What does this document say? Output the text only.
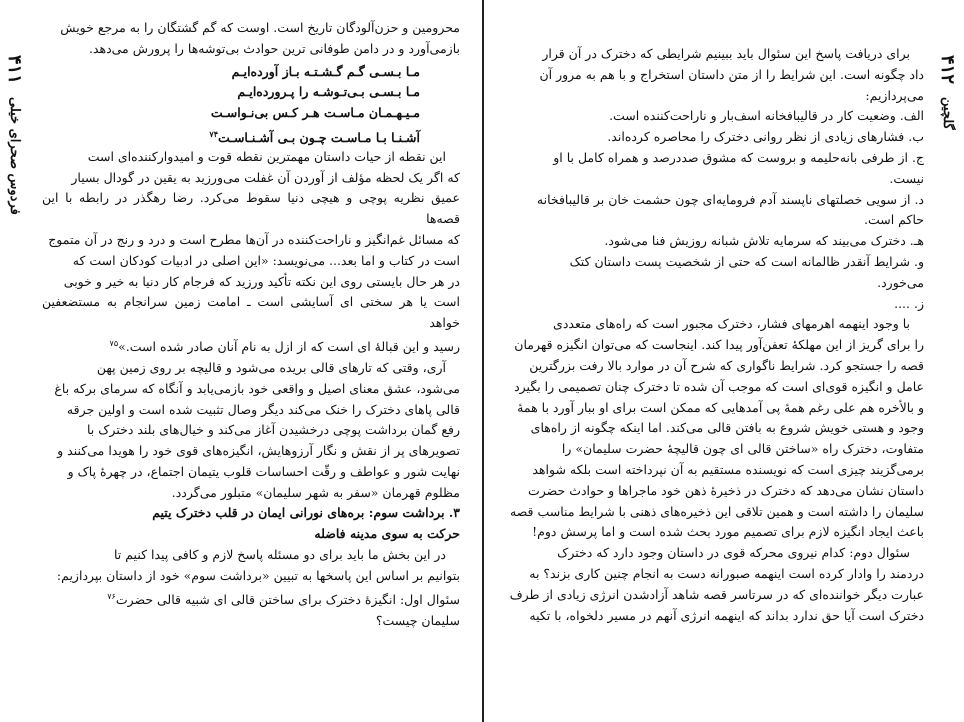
۴۱۱ فردوس صحرای خیلی

محرومین و حزن‌آلودگان تاریخ است. اوست که گم گشتگان را به مرجع خویش

بازمی‌آورد و در دامن طوفانی ترین حوادث بی‌توشه‌ها را پرورش می‌دهد.

مـا بـسـی گـم گـشـتـه بـاز آورده‌ایـم
مـا بـسـی بـی‌تـوشـه را پـرورده‌ایـم
مـیـهـمـان مـاسـت هـر کـس بی‌نـواسـت
آشـنـا بـا مـاسـت چـون بـی آشـنـاسـت$^{۷۴}$

این نقطه از حیات داستان مهمترین نقطه قوت و امیدوارکننده‌ای است

که اگر یک لحظه مؤلف از آوردن آن غفلت می‌ورزید به یقین در گودال بسیار

عمیق نظریه پوچی و هیچی دنیا سقوط می‌کرد. رضا رهگذر در رابطه با این قصه‌ها

که مسائل غم‌انگیز و ناراحت‌کننده در آن‌ها مطرح است و درد و رنج در آن متموج

است در کتاب و اما بعد... می‌نویسد: «این اصلی در ادبیات کودکان است که

در هر حال بایستی روی این نکته تأکید ورزید که فرجام کار دنیا به خیر و خوبی

است یا هر سختی ای آسایشی است ـ امامت زمین سرانجام به مستضعفین خواهد

رسید و این قبالهٔ ای است که از ازل به نام آنان صادر شده است.»$^{۷۵}$

آری، وقتی که تارهای قالی بریده می‌شود و قالیچه بر روی زمین پهن

می‌شود، عشق معنای اصیل و واقعی خود بازمی‌یابد و آنگاه که سرمای برکه باغ

قالی پاهای دخترک را خنک می‌کند دیگر وصال تثبیت شده است و اولین جرقه

رفع گمان برداشت پوچی درخشیدن آغاز می‌کند و خیال‌های بلند دخترک با

تصویرهای پر از نقش و نگار آرزوهایش، انگیزه‌های قوی خود را هویدا می‌کنند و

نهایت شور و عواطف و رقّت احساسات قلوب یتیمان اجتماع، در چهرهٔ پاک و

مظلوم قهرمان «سفر به شهر سلیمان» متبلور می‌گردد.

۳. برداشت سوم: بره‌های نورانی ایمان در قلب دخترک یتیم

حرکت به سوی مدینه فاضله

در این بخش ما باید برای دو مسئله پاسخ لازم و کافی پیدا کنیم تا

بتوانیم بر اساس این پاسخها به تبیین «برداشت سوم» خود از داستان بپردازیم:

سئوال اول: انگیزهٔ دخترک برای ساختن قالی ای شبیه قالی حضرت$^{۷۶}$

سلیمان چیست؟

۴۱۲ گلچین

برای دریافت پاسخ این سئوال باید ببینیم شرایطی که دخترک در آن قرار

داد چگونه است. این شرایط را از متن داستان استخراج و با هم به مرور آن

می‌پردازیم:

الف. وضعیت کار در قالیبافخانه اسف‌بار و ناراحت‌کننده است.

ب. فشارهای زیادی از نظر روانی دخترک را محاصره کرده‌اند.

ج. از طرفی بانه‌حلیمه و بروست که مشوق صددرصد و همراه کامل با او

نیست.

د. از سویی خصلتهای ناپسند آدم فرومایه‌ای چون حشمت خان بر قالیبافخانه

حاکم است.

هـ. دخترک می‌بیند که سرمایه تلاش شبانه روزیش فنا می‌شود.

و. شرایط آنقدر ظالمانه است که حتی از شخصیت پست داستان کتک

می‌خورد.

ز. ....

با وجود اینهمه اهرمهای فشار، دخترک مجبور است که راه‌های متعددی

را برای گریز از این مهلکهٔ تعفن‌آور پیدا کند. اینجاست که می‌توان انگیزه قهرمان

قصه را جستجو کرد. شرایط ناگواری که شرح آن در موارد بالا رفت بزرگترین

عامل و انگیزه قوی‌ای است که موجب آن شده تا دخترک چنان تصمیمی را بگیرد

و بالأخره هم علی رغم همهٔ پی آمدهایی که ممکن است برای او ببار آورد با همهٔ

وجود و هستی خویش شروع به بافتن قالی می‌کند. اما اینکه چگونه از راه‌های

متفاوت، دخترک راه «ساختن قالی ای چون قالیچهٔ حضرت سلیمان» را

برمی‌گزیند چیزی است که نویسنده مستقیم به آن نپرداخته است بلکه شواهد

داستان نشان می‌دهد که دخترک در ذخیرهٔ ذهن خود ماجراها و حوادث حضرت

سلیمان را داشته است و همین تلاقی این ذخیره‌های ذهنی با شرایط مناسب قصه

باعث ایجاد انگیزه لازم برای تصمیم مورد بحث شده است و اما پرسش دوم!

سئوال دوم: کدام نیروی محرکه قوی در داستان وجود دارد که دخترک

دردمند را وادار کرده است اینهمه صبورانه دست به انجام چنین کاری بزند؟ به

عبارت دیگر خواننده‌ای که در سرتاسر قصه شاهد آزادشدن انرژی زیادی از طرف

دخترک است آیا حق ندارد بداند که اینهمه انرژی آنهم در مسیر دلخواه، با تکیه
